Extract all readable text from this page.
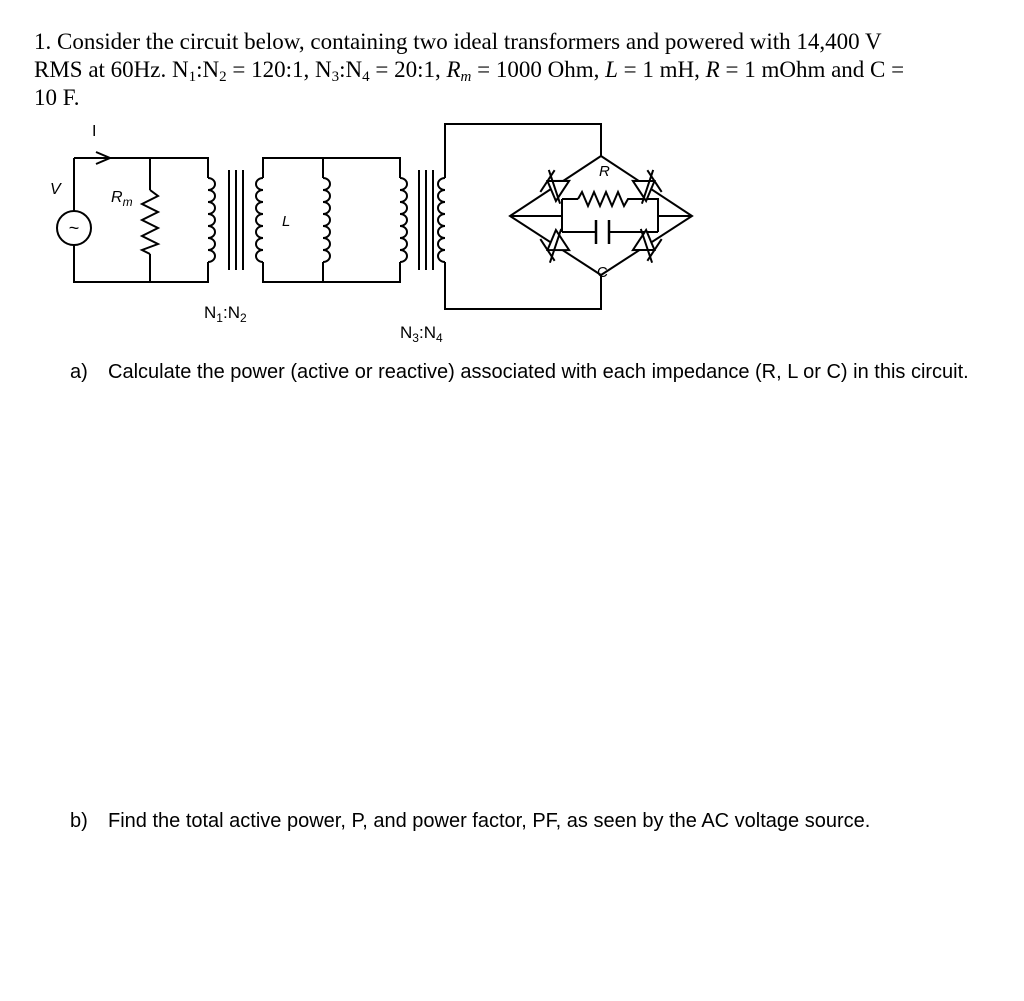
1. Consider the circuit below, containing two ideal transformers and powered with 14,400 V
RMS at 60Hz. $N_1:N_2$ = 120:1, $N_3:N_4$ = 20:1, $R_m = 1000$ Ohm, L = 1 mH, R = 1 mOhm and C =
10 F.
~
I
V	$R_m$
L
R
C
$N_1:N_2$
$N_3:N_4$
a) Calculate the power (active or reactive) associated with each impedance (R, L or C) in this circuit.
b) Find the total active power, P, and power factor, PF, as seen by the AC voltage source.
